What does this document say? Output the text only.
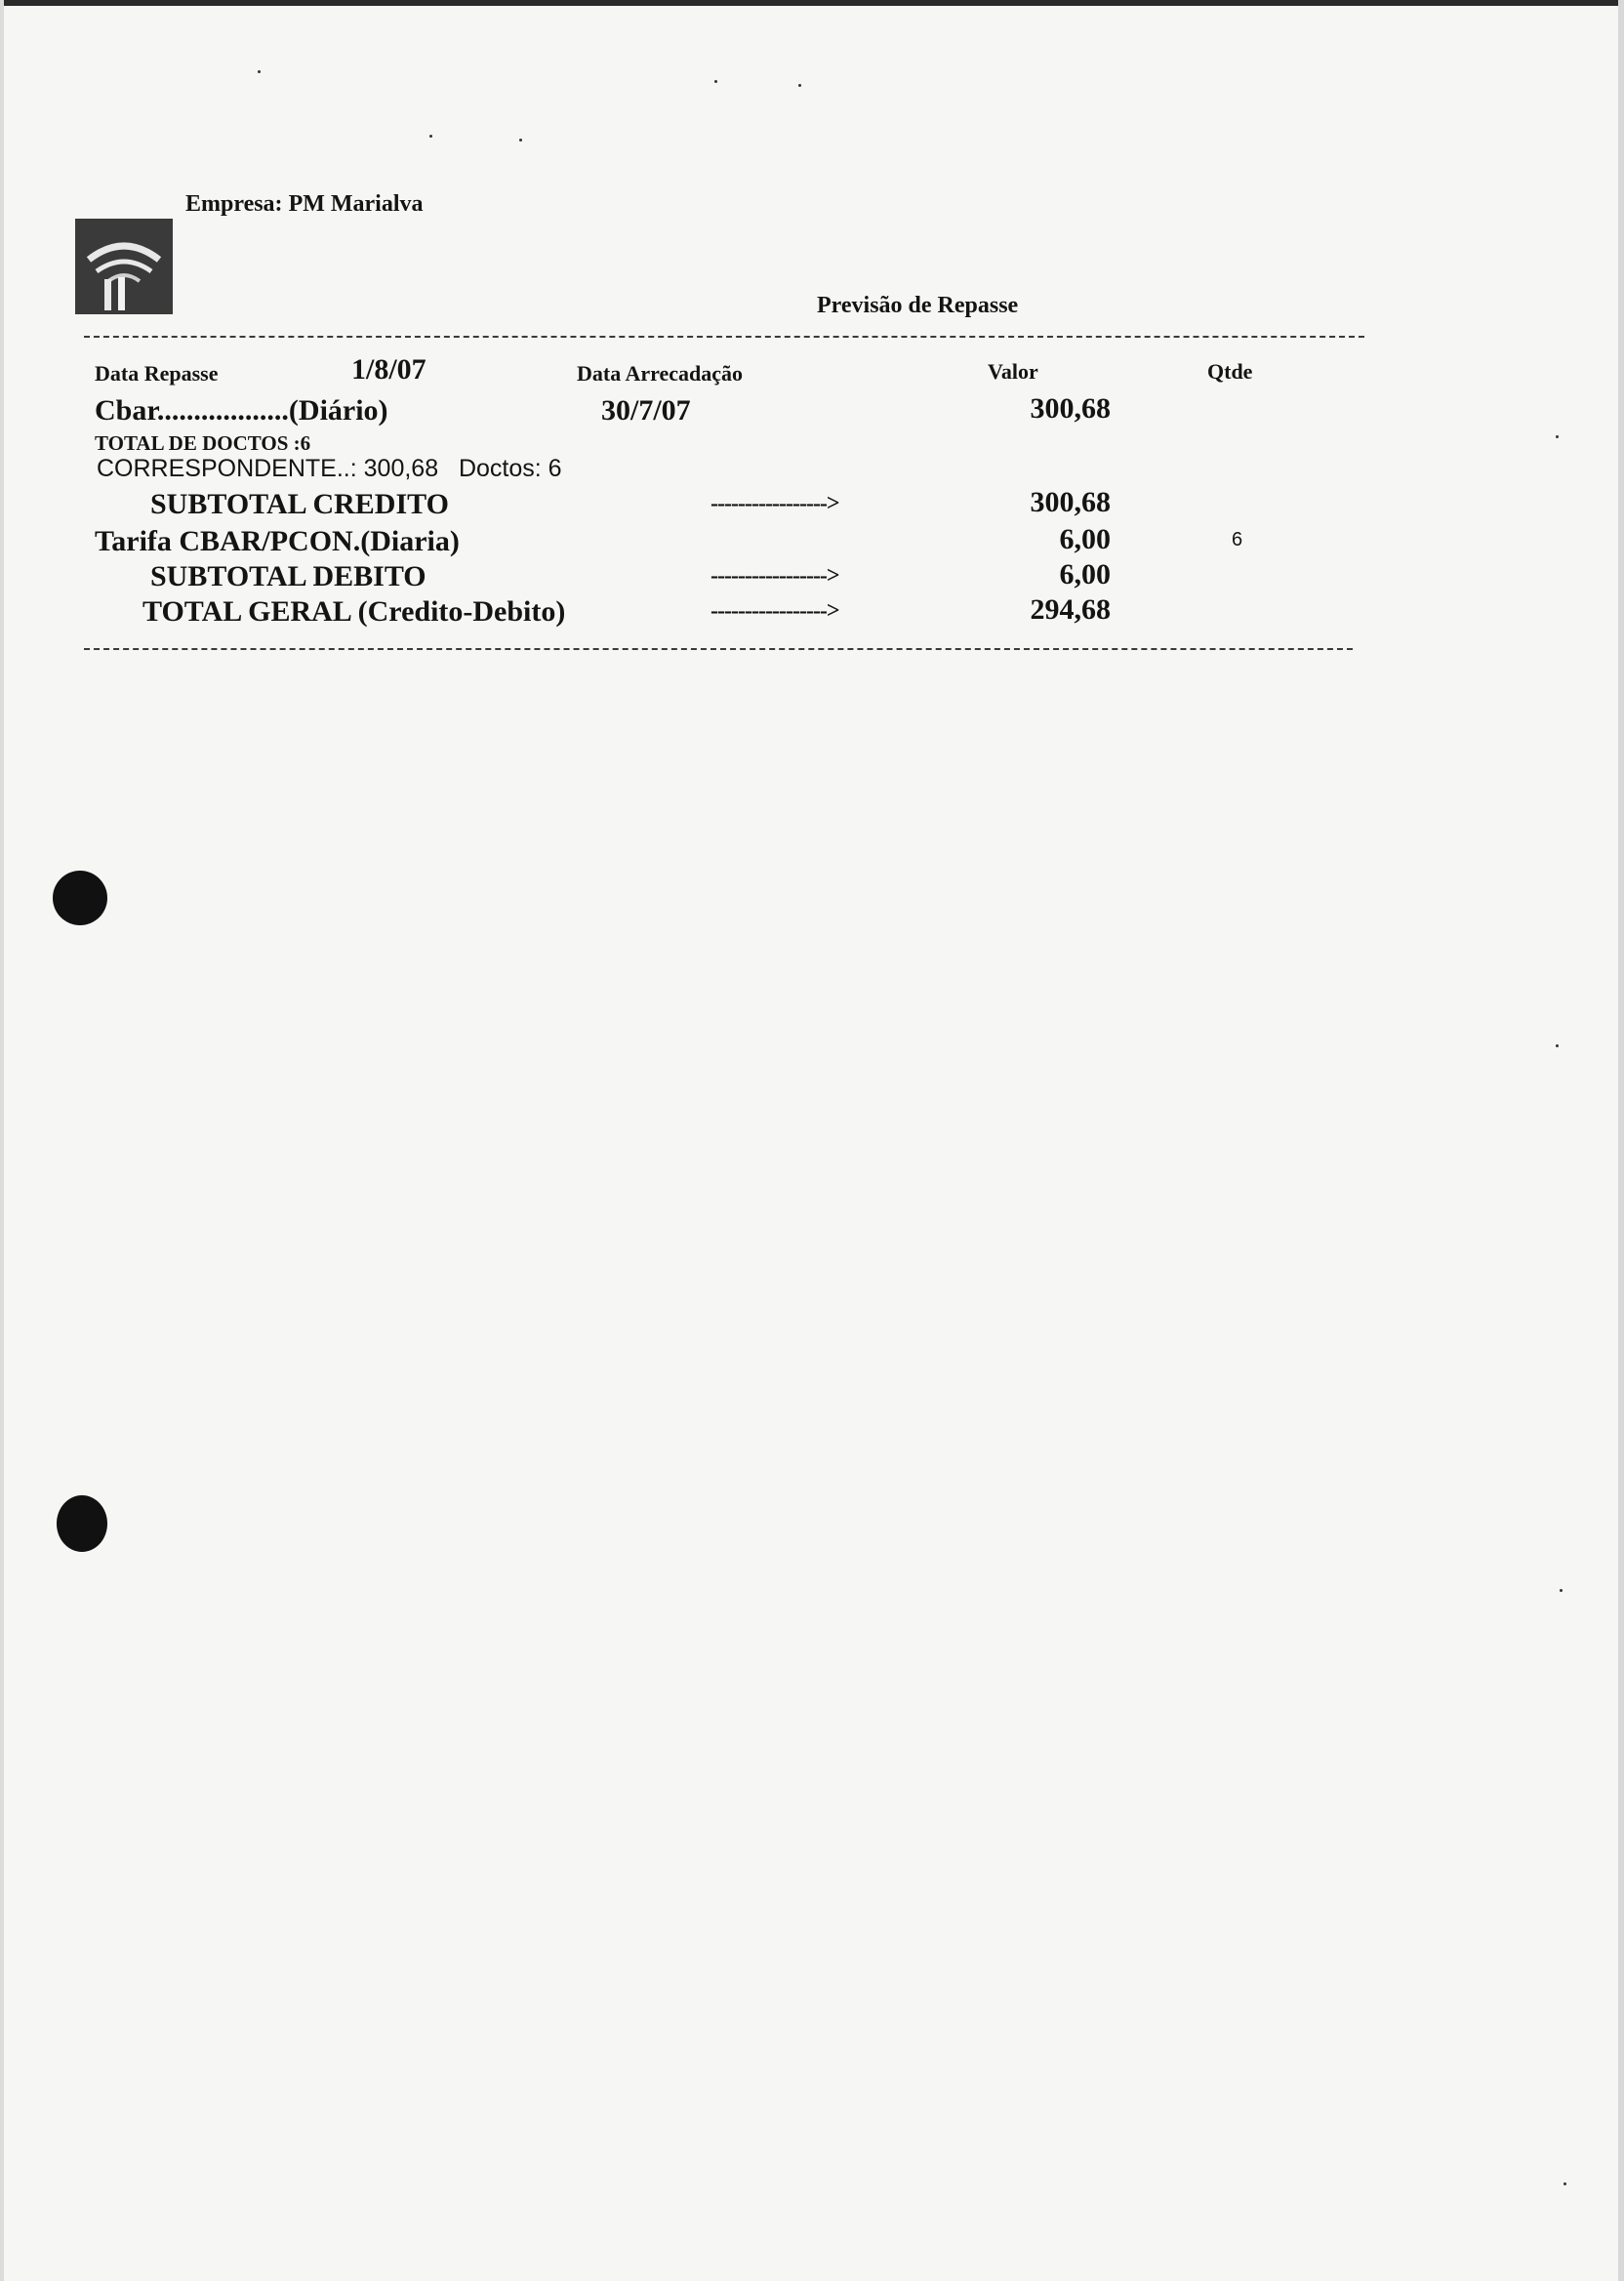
Empresa: PM Marialva
Previsão de Repasse
Data Repasse	1/8/07	Data Arrecadação	Valor	Qtde
Cbar..................(Diário)	30/7/07	300,68
TOTAL DE DOCTOS :6
CORRESPONDENTE..: 300,68   Doctos: 6
SUBTOTAL CREDITO	----------------->	300,68
Tarifa CBAR/PCON.(Diaria)	6,00	6
SUBTOTAL DEBITO	----------------->	6,00
TOTAL GERAL (Credito-Debito)	----------------->	294,68
